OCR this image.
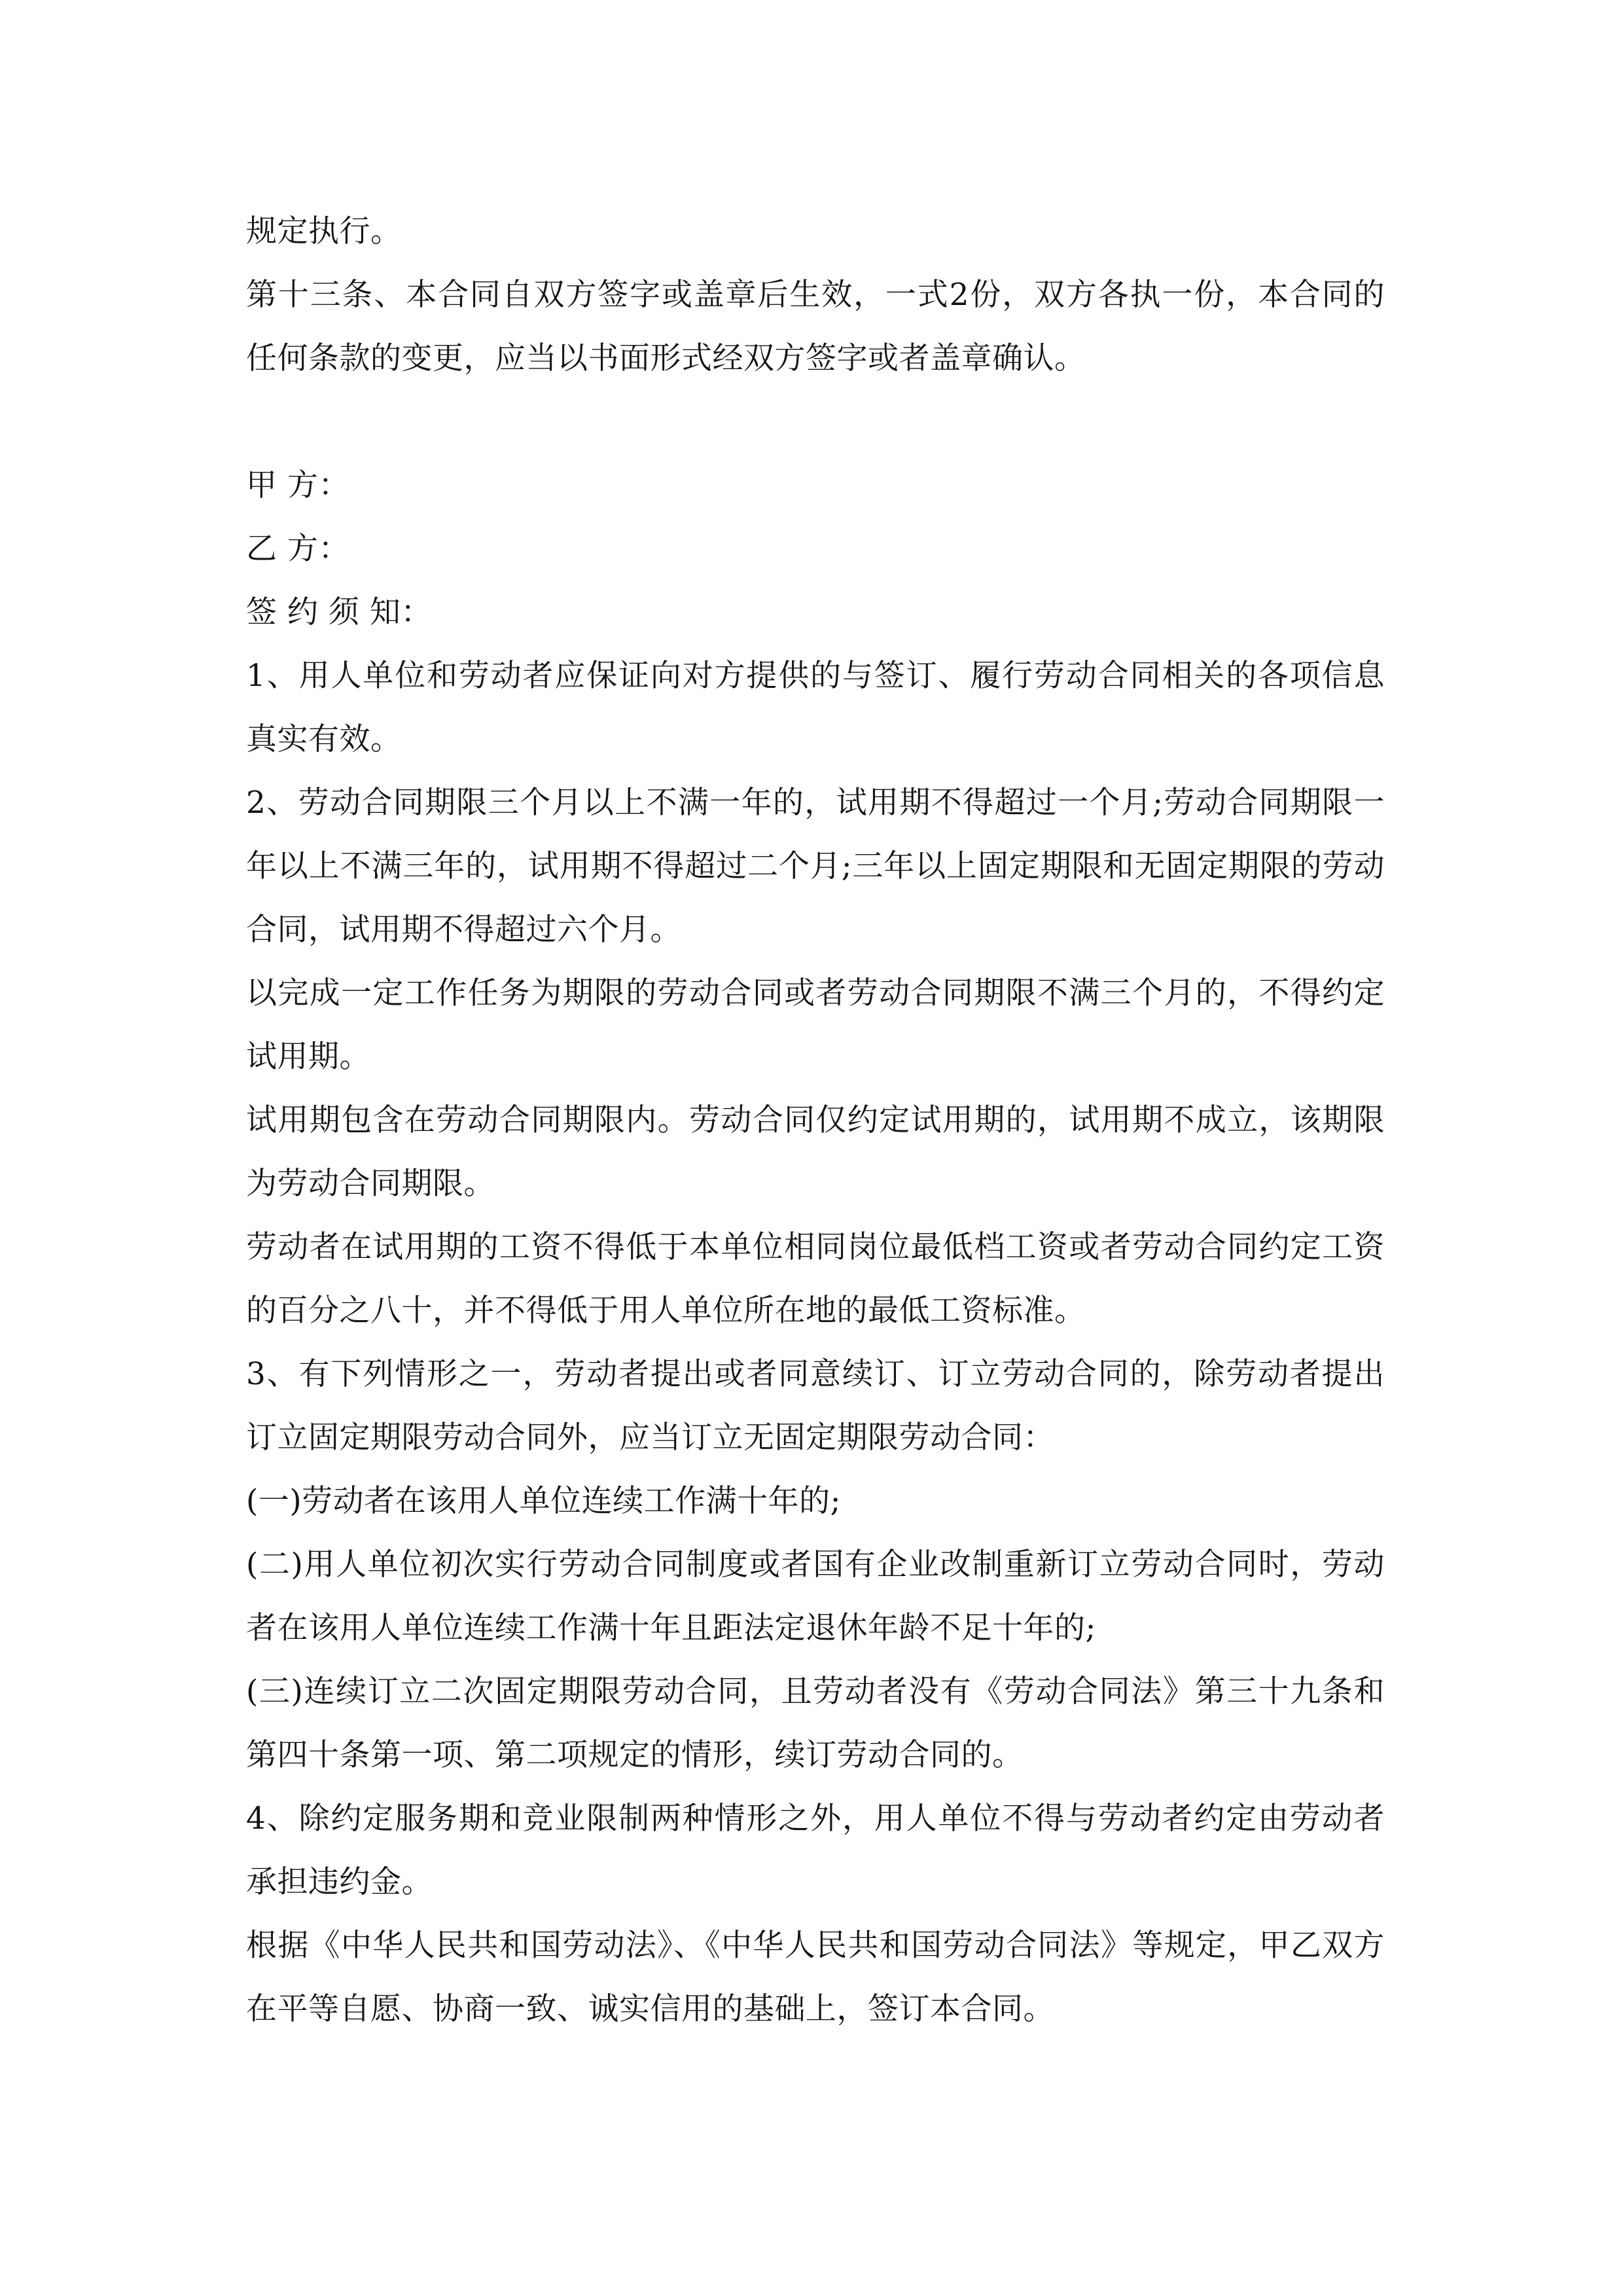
规定执行。

第十三条、本合同自双方签字或盖章后生效，一式2份，双方各执一份，本合同的任何条款的变更，应当以书面形式经双方签字或者盖章确认。

甲 方：

乙 方：

签 约 须 知：

1、用人单位和劳动者应保证向对方提供的与签订、履行劳动合同相关的各项信息真实有效。

2、劳动合同期限三个月以上不满一年的，试用期不得超过一个月;劳动合同期限一年以上不满三年的，试用期不得超过二个月;三年以上固定期限和无固定期限的劳动合同，试用期不得超过六个月。

以完成一定工作任务为期限的劳动合同或者劳动合同期限不满三个月的，不得约定试用期。

试用期包含在劳动合同期限内。劳动合同仅约定试用期的，试用期不成立，该期限为劳动合同期限。

劳动者在试用期的工资不得低于本单位相同岗位最低档工资或者劳动合同约定工资的百分之八十，并不得低于用人单位所在地的最低工资标准。

3、有下列情形之一，劳动者提出或者同意续订、订立劳动合同的，除劳动者提出订立固定期限劳动合同外，应当订立无固定期限劳动合同：

(一)劳动者在该用人单位连续工作满十年的;

(二)用人单位初次实行劳动合同制度或者国有企业改制重新订立劳动合同时，劳动者在该用人单位连续工作满十年且距法定退休年龄不足十年的;

(三)连续订立二次固定期限劳动合同，且劳动者没有《劳动合同法》第三十九条和第四十条第一项、第二项规定的情形，续订劳动合同的。

4、除约定服务期和竞业限制两种情形之外，用人单位不得与劳动者约定由劳动者承担违约金。

根据《中华人民共和国劳动法》、《中华人民共和国劳动合同法》等规定，甲乙双方在平等自愿、协商一致、诚实信用的基础上，签订本合同。
